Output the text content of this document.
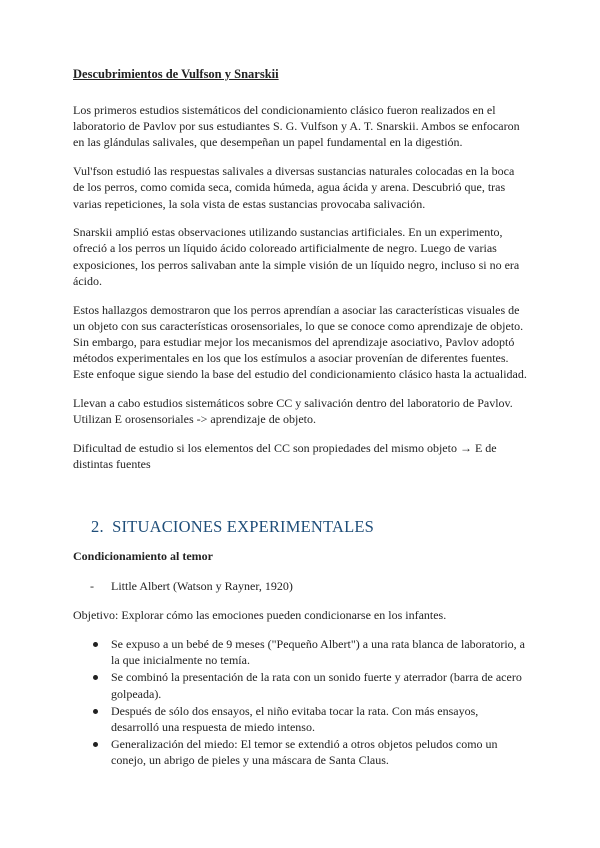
Descubrimientos de Vulfson y Snarskii

Los primeros estudios sistemáticos del condicionamiento clásico fueron realizados en el laboratorio de Pavlov por sus estudiantes S. G. Vulfson y A. T. Snarskii. Ambos se enfocaron en las glándulas salivales, que desempeñan un papel fundamental en la digestión.

Vul'fson estudió las respuestas salivales a diversas sustancias naturales colocadas en la boca de los perros, como comida seca, comida húmeda, agua ácida y arena. Descubrió que, tras varias repeticiones, la sola vista de estas sustancias provocaba salivación.

Snarskii amplió estas observaciones utilizando sustancias artificiales. En un experimento, ofreció a los perros un líquido ácido coloreado artificialmente de negro. Luego de varias exposiciones, los perros salivaban ante la simple visión de un líquido negro, incluso si no era ácido.

Estos hallazgos demostraron que los perros aprendían a asociar las características visuales de un objeto con sus características orosensoriales, lo que se conoce como aprendizaje de objeto. Sin embargo, para estudiar mejor los mecanismos del aprendizaje asociativo, Pavlov adoptó métodos experimentales en los que los estímulos a asociar provenían de diferentes fuentes. Este enfoque sigue siendo la base del estudio del condicionamiento clásico hasta la actualidad.

Llevan a cabo estudios sistemáticos sobre CC y salivación dentro del laboratorio de Pavlov. Utilizan E orosensoriales -> aprendizaje de objeto.

Dificultad de estudio si los elementos del CC son propiedades del mismo objeto → E de distintas fuentes

2. SITUACIONES EXPERIMENTALES
Condicionamiento al temor
- Little Albert (Watson y Rayner, 1920)

Objetivo: Explorar cómo las emociones pueden condicionarse en los infantes.

Se expuso a un bebé de 9 meses ("Pequeño Albert") a una rata blanca de laboratorio, a la que inicialmente no temía.
Se combinó la presentación de la rata con un sonido fuerte y aterrador (barra de acero golpeada).
Después de sólo dos ensayos, el niño evitaba tocar la rata. Con más ensayos, desarrolló una respuesta de miedo intenso.
Generalización del miedo: El temor se extendió a otros objetos peludos como un conejo, un abrigo de pieles y una máscara de Santa Claus.
